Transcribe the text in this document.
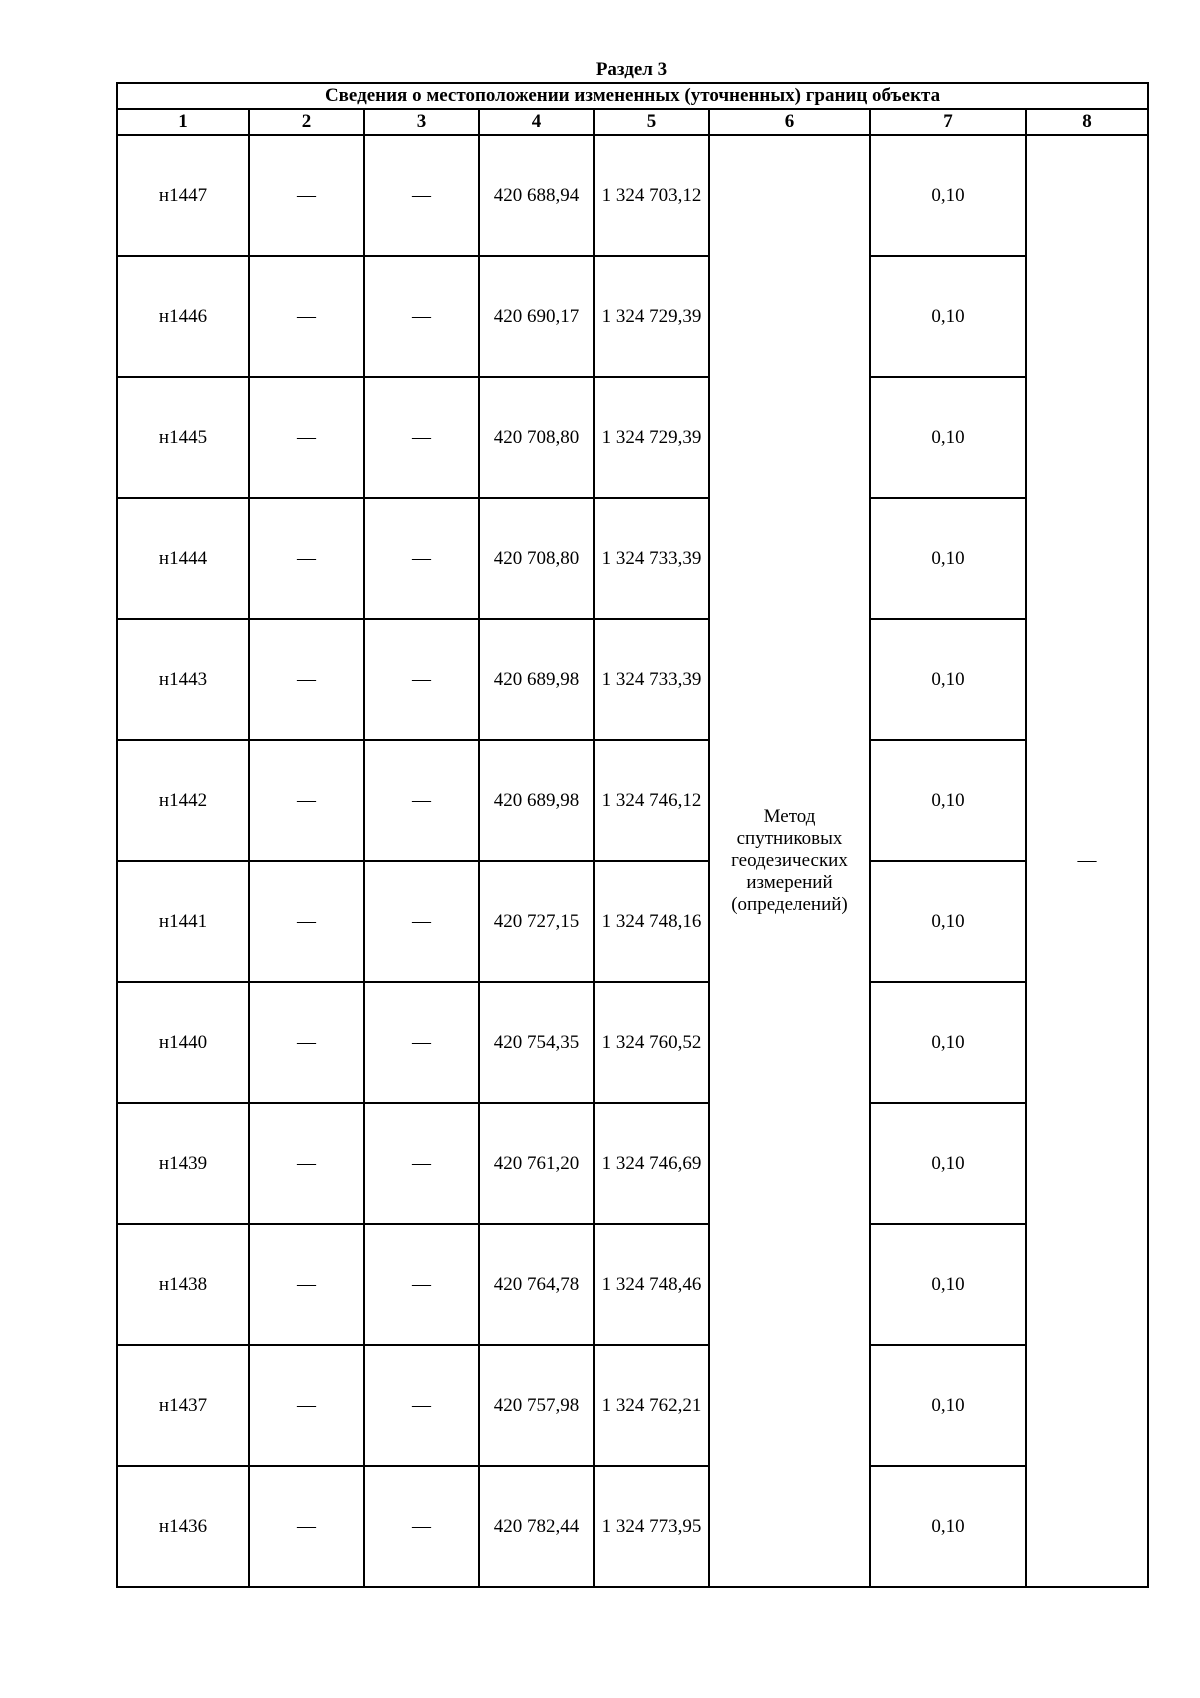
Раздел 3
Сведения о местоположении измененных (уточненных) границ объекта							
1	2	3	4	5	6	7	8
н1447	—	—	420 688,94	1 324 703,12	Метод
спутниковых
геодезических
измерений
(определений)	0,10	—
н1446	—	—	420 690,17	1 324 729,39		0,10	
н1445	—	—	420 708,80	1 324 729,39		0,10	
н1444	—	—	420 708,80	1 324 733,39		0,10	
н1443	—	—	420 689,98	1 324 733,39		0,10	
н1442	—	—	420 689,98	1 324 746,12		0,10	
н1441	—	—	420 727,15	1 324 748,16		0,10	
н1440	—	—	420 754,35	1 324 760,52		0,10	
н1439	—	—	420 761,20	1 324 746,69		0,10	
н1438	—	—	420 764,78	1 324 748,46		0,10	
н1437	—	—	420 757,98	1 324 762,21		0,10	
н1436	—	—	420 782,44	1 324 773,95		0,10	
